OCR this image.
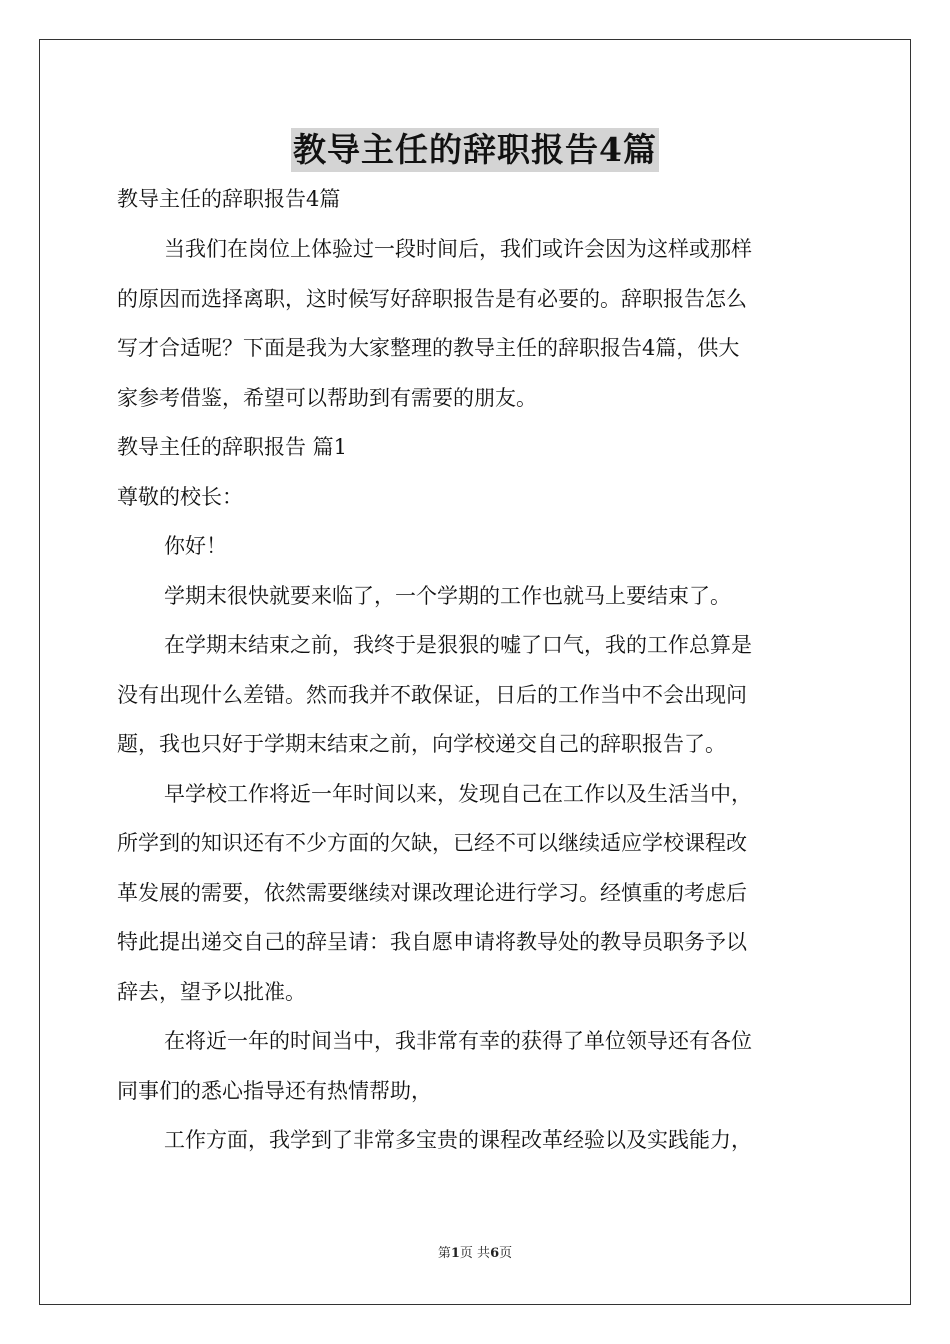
教导主任的辞职报告4篇
教导主任的辞职报告4篇
当我们在岗位上体验过一段时间后，我们或许会因为这样或那样
的原因而选择离职，这时候写好辞职报告是有必要的。辞职报告怎么
写才合适呢？下面是我为大家整理的教导主任的辞职报告4篇，供大
家参考借鉴，希望可以帮助到有需要的朋友。
教导主任的辞职报告 篇1
尊敬的校长：
你好！
学期末很快就要来临了，一个学期的工作也就马上要结束了。
在学期末结束之前，我终于是狠狠的嘘了口气，我的工作总算是
没有出现什么差错。然而我并不敢保证，日后的工作当中不会出现问
题，我也只好于学期末结束之前，向学校递交自己的辞职报告了。
早学校工作将近一年时间以来，发现自己在工作以及生活当中，
所学到的知识还有不少方面的欠缺，已经不可以继续适应学校课程改
革发展的需要，依然需要继续对课改理论进行学习。经慎重的考虑后
特此提出递交自己的辞呈请：我自愿申请将教导处的教导员职务予以
辞去，望予以批准。
在将近一年的时间当中，我非常有幸的获得了单位领导还有各位
同事们的悉心指导还有热情帮助，
工作方面，我学到了非常多宝贵的课程改革经验以及实践能力，
第1页 共6页
